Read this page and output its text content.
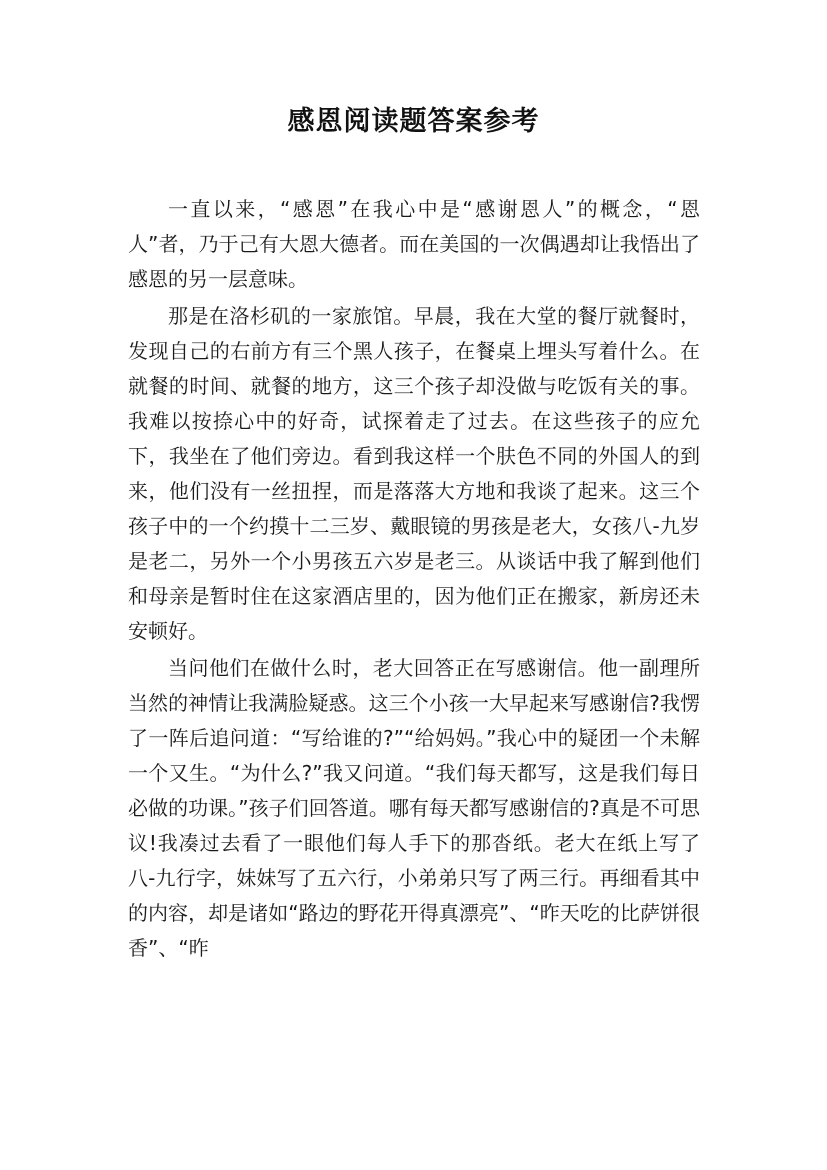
感恩阅读题答案参考

一直以来，“感恩”在我心中是“感谢恩人”的概念，“恩人”者，乃于己有大恩大德者。而在美国的一次偶遇却让我悟出了感恩的另一层意味。

那是在洛杉矶的一家旅馆。早晨，我在大堂的餐厅就餐时，发现自己的右前方有三个黑人孩子，在餐桌上埋头写着什么。在就餐的时间、就餐的地方，这三个孩子却没做与吃饭有关的事。我难以按捺心中的好奇，试探着走了过去。在这些孩子的应允下，我坐在了他们旁边。看到我这样一个肤色不同的外国人的到来，他们没有一丝扭捏，而是落落大方地和我谈了起来。这三个孩子中的一个约摸十二三岁、戴眼镜的男孩是老大，女孩八-九岁是老二，另外一个小男孩五六岁是老三。从谈话中我了解到他们和母亲是暂时住在这家酒店里的，因为他们正在搬家，新房还未安顿好。

当问他们在做什么时，老大回答正在写感谢信。他一副理所当然的神情让我满脸疑惑。这三个小孩一大早起来写感谢信?我愣了一阵后追问道：“写给谁的?”“给妈妈。”我心中的疑团一个未解一个又生。“为什么?”我又问道。“我们每天都写，这是我们每日必做的功课。”孩子们回答道。哪有每天都写感谢信的?真是不可思议!我凑过去看了一眼他们每人手下的那沓纸。老大在纸上写了八-九行字，妹妹写了五六行，小弟弟只写了两三行。再细看其中的内容，却是诸如“路边的野花开得真漂亮”、“昨天吃的比萨饼很香”、“昨
